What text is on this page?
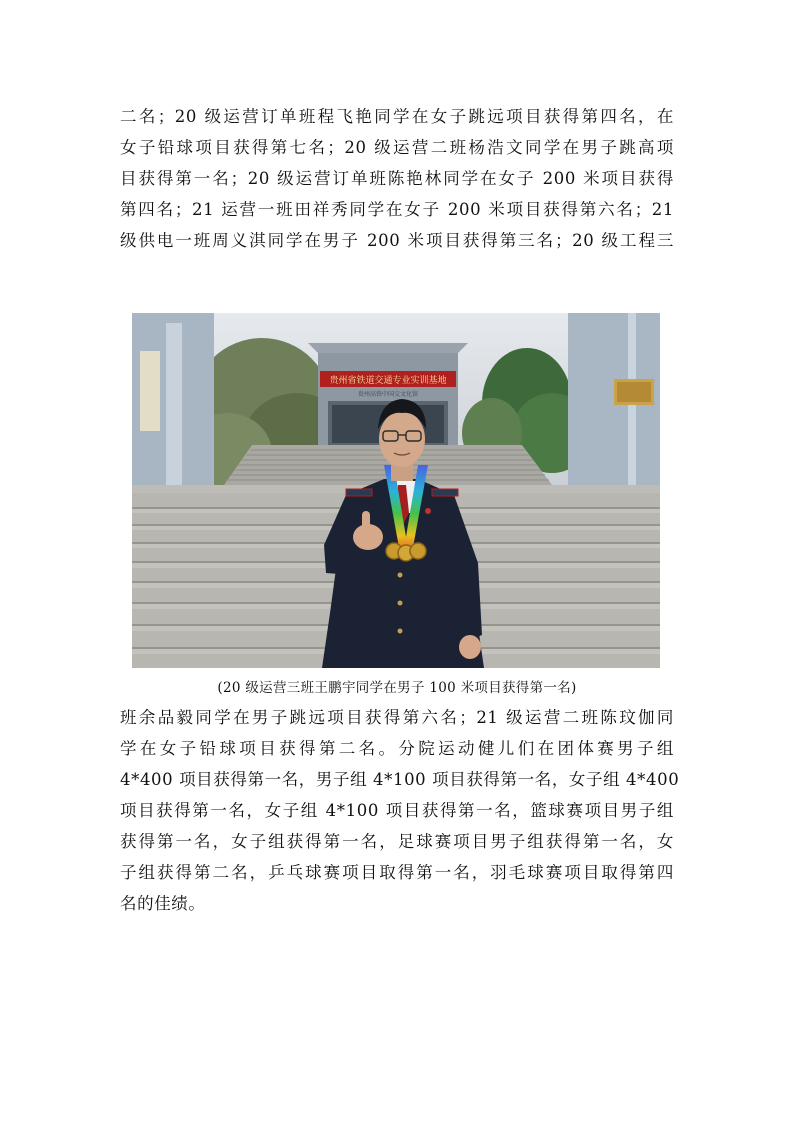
二名；20 级运营订单班程飞艳同学在女子跳远项目获得第四名，在
女子铅球项目获得第七名；20 级运营二班杨浩文同学在男子跳高项
目获得第一名；20 级运营订单班陈艳林同学在女子 200 米项目获得
第四名；21 运营一班田祥秀同学在女子 200 米项目获得第六名；21
级供电一班周义淇同学在男子 200 米项目获得第三名；20 级工程三
贵州省铁道交通专业实训基地
贵州高铁中国交文化馆
(20 级运营三班王鹏宇同学在男子 100 米项目获得第一名)
班余品毅同学在男子跳远项目获得第六名；21 级运营二班陈玟伽同
学在女子铅球项目获得第二名。分院运动健儿们在团体赛男子组
4*400 项目获得第一名，男子组 4*100 项目获得第一名，女子组 4*400
项目获得第一名，女子组 4*100 项目获得第一名，篮球赛项目男子组
获得第一名，女子组获得第一名，足球赛项目男子组获得第一名，女
子组获得第二名，乒乓球赛项目取得第一名，羽毛球赛项目取得第四
名的佳绩。
